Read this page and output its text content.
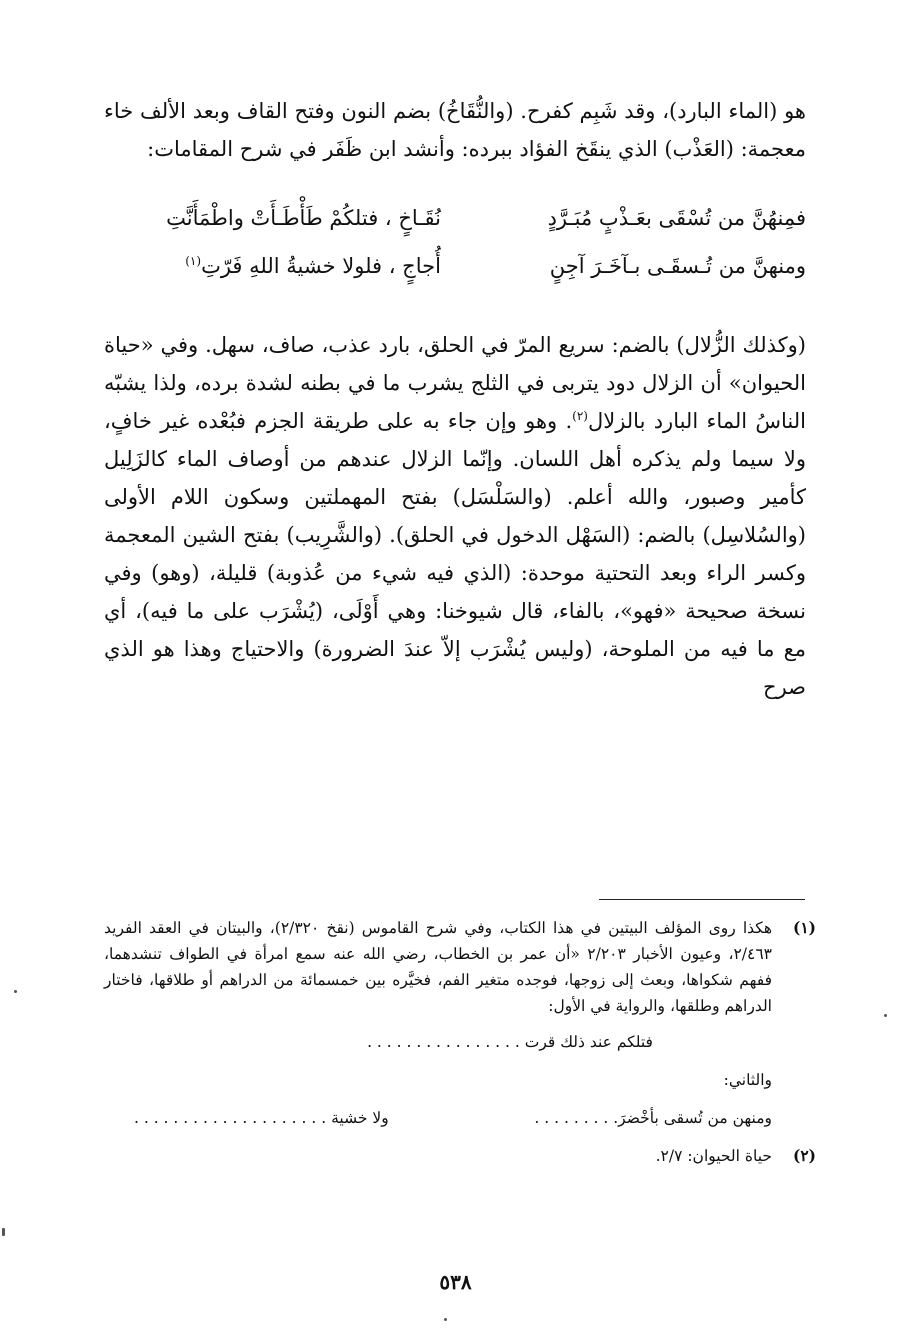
هو (الماء البارد)، وقد شَبِم كفرح. (والنُّقَاخُ) بضم النون وفتح القاف وبعد الألف خاء معجمة: (العَذْب) الذي ينقَخ الفؤاد ببرده: وأنشد ابن ظَفَر في شرح المقامات:

فمِنهُنَّ من تُسْقَى بعَـذْبٍ مُبَـرَّدٍ
نُقَـاخٍ ، فتلكُمْ طَأْطَـأَتْ واطْمَأَنَّتِ
ومنهنَّ من تُـسقَـى بـآخَـرَ آجِنٍ
أُجاجٍ ، فلولا خشيةُ اللهِ فَرّتِ$^{(١)}$

(وكذلك الزُّلال) بالضم: سريع المرّ في الحلق، بارد عذب، صاف، سهل. وفي «حياة الحيوان» أن الزلال دود يتربى في الثلج يشرب ما في بطنه لشدة برده، ولذا يشبّه الناسُ الماء البارد بالزلال$^{(٢)}$. وهو وإن جاء به على طريقة الجزم فبُعْده غير خافٍ، ولا سيما ولم يذكره أهل اللسان. وإنّما الزلال عندهم من أوصاف الماء كالزَلِيل كأمير وصبور، والله أعلم. (والسَلْسَل) بفتح المهملتين وسكون اللام الأولى (والسُلاسِل) بالضم: (السَهْل الدخول في الحلق). (والشَّرِيب) بفتح الشين المعجمة وكسر الراء وبعد التحتية موحدة: (الذي فيه شيء من عُذوبة) قليلة، (وهو) وفي نسخة صحيحة «فهو»، بالفاء، قال شيوخنا: وهي أَوْلَى، (يُشْرَب على ما فيه)، أي مع ما فيه من الملوحة، (وليس يُشْرَب إلاّ عندَ الضرورة) والاحتياج وهذا هو الذي صرح

(١)
هكذا روى المؤلف البيتين في هذا الكتاب، وفي شرح القاموس (نقخ ٢/٣٢٠)، والبيتان في العقد الفريد ٢/٤٦٣، وعيون الأخبار ٢/٢٠٣ «أن عمر بن الخطاب، رضي الله عنه سمع امرأة في الطواف تنشدهما، ففهم شكواها، وبعث إلى زوجها، فوجده متغير الفم، فخيَّره بين خمسمائة من الدراهم أو طلاقها، فاختار الدراهم وطلقها، والرواية في الأول:
فتلكم عند ذلك قرت . . . . . . . . . . . . . . . .
والثاني:
ومنهن من تُسقى بأخْضرَ. . . . . . . . .
ولا خشية . . . . . . . . . . . . . . . . . . . .
(٢)
حياة الحيوان: ٢/٧.
٥٣٨
